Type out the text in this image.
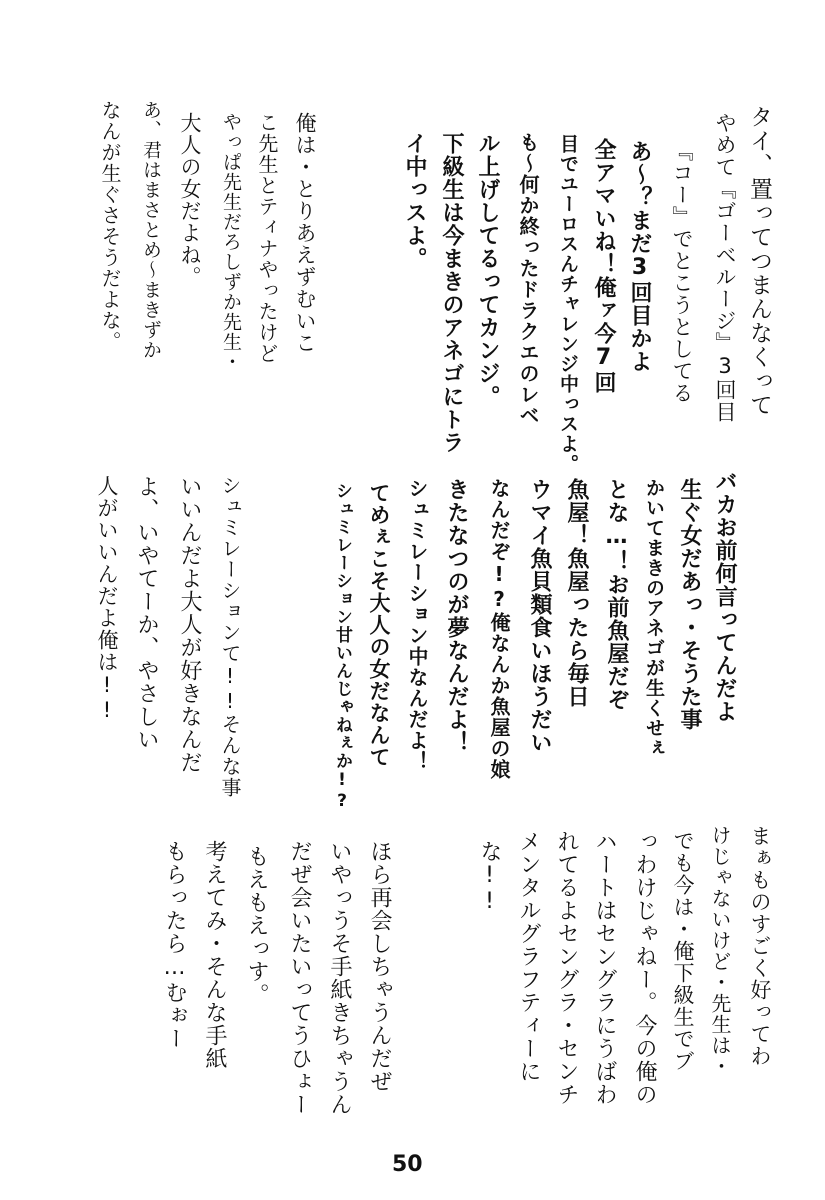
タイ、置ってつまんなくって
やめて『ゴーベルージ』3回目
『コー』でとこうとしてる
あ～？まだ3回目かよ
全アマいね！俺ァ今7回
目でユーロスんチャレンジ中っスよ。
も～何か終ったドラクエのレベ
ル上げしてるってカンジ。
下級生は今まきのアネゴにトラ
イ中っスよ。
俺は・とりあえずむいこ
こ先生とティナやったけど
やっぱ先生だろしずか先生・
大人の女だよね。
あ、君はまさとめ～まきずか
なんが生ぐさそうだよな。
バカお前何言ってんだよ
生ぐ女だあっ・そうた事
かいてまきのアネゴが生くせぇ
とな…！お前魚屋だぞ
魚屋！魚屋ったら毎日
ウマイ魚貝類食いほうだい
なんだぞ!?俺なんか魚屋の娘
きたなつのが夢なんだよ！
シュミレーション中なんだよ！
てめぇこそ大人の女だなんて
シュミレーション甘いんじゃねぇか!?
シュミレーションて!!そんな事
いいんだよ大人が好きなんだ
よ、いやてーか、やさしい
人がいいんだよ俺は!!
まぁものすごく好ってわ
けじゃないけど・先生は・
でも今は・俺下級生でブ
っわけじゃねー。今の俺の
ハートはセングラにうばわ
れてるよセングラ・センチ
メンタルグラフティーに
な!!
ほら再会しちゃうんだぜ
いやっうそ手紙きちゃうん
だぜ会いたいってうひょー
もえもえっす。
考えてみ・そんな手紙
もらったら…むぉー
50
